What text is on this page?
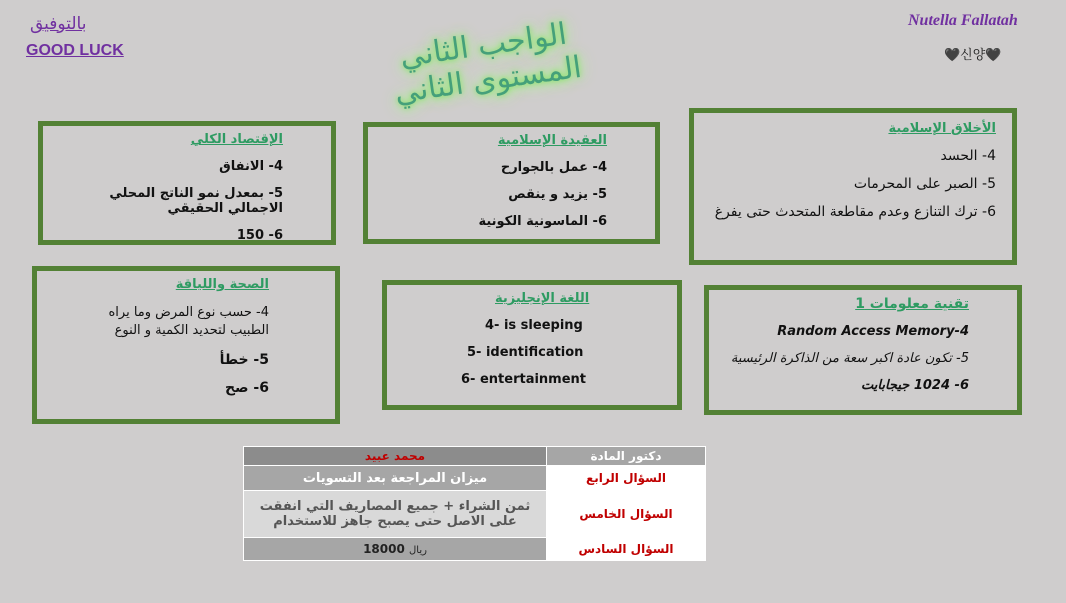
بالتوفيق
GOOD LUCK	الواجب الثاني المستوى الثاني
Nutella Fallatah
🖤신양🖤
الأخلاق الإسلامية
4- الحسد
5- الصبر على المحرمات
6- ترك التنازع وعدم مقاطعة المتحدث حتى يفرغ
العقيدة الإسلامية
4- عمل بالجوارح
5- يزيد و ينقص
6- الماسونية الكونية
الإقتصاد الكلي
4- الانفاق
5- بمعدل نمو الناتج المحلي الاجمالي الحقيقي
6- 150
الصحة واللياقة
4- حسب نوع المرض وما يراه الطبيب لتحديد الكمية و النوع
5- خطأ
6- صح
اللغة الإنجليزية
4- is sleeping
5- identification
6- entertainment
تقنية معلومات 1
Random Access Memory-4
5- تكون عادة اكبر سعة من الذاكرة الرئيسية
6- 1024 جيجابايت
محمد عبيد	دكتور المادة
ميزان المراجعة بعد التسويات	السؤال الرابع
ثمن الشراء + جميع المصاريف التي انفقت على الاصل حتى يصبح جاهز للاستخدام	السؤال الخامس
18000 ريال	السؤال السادس
